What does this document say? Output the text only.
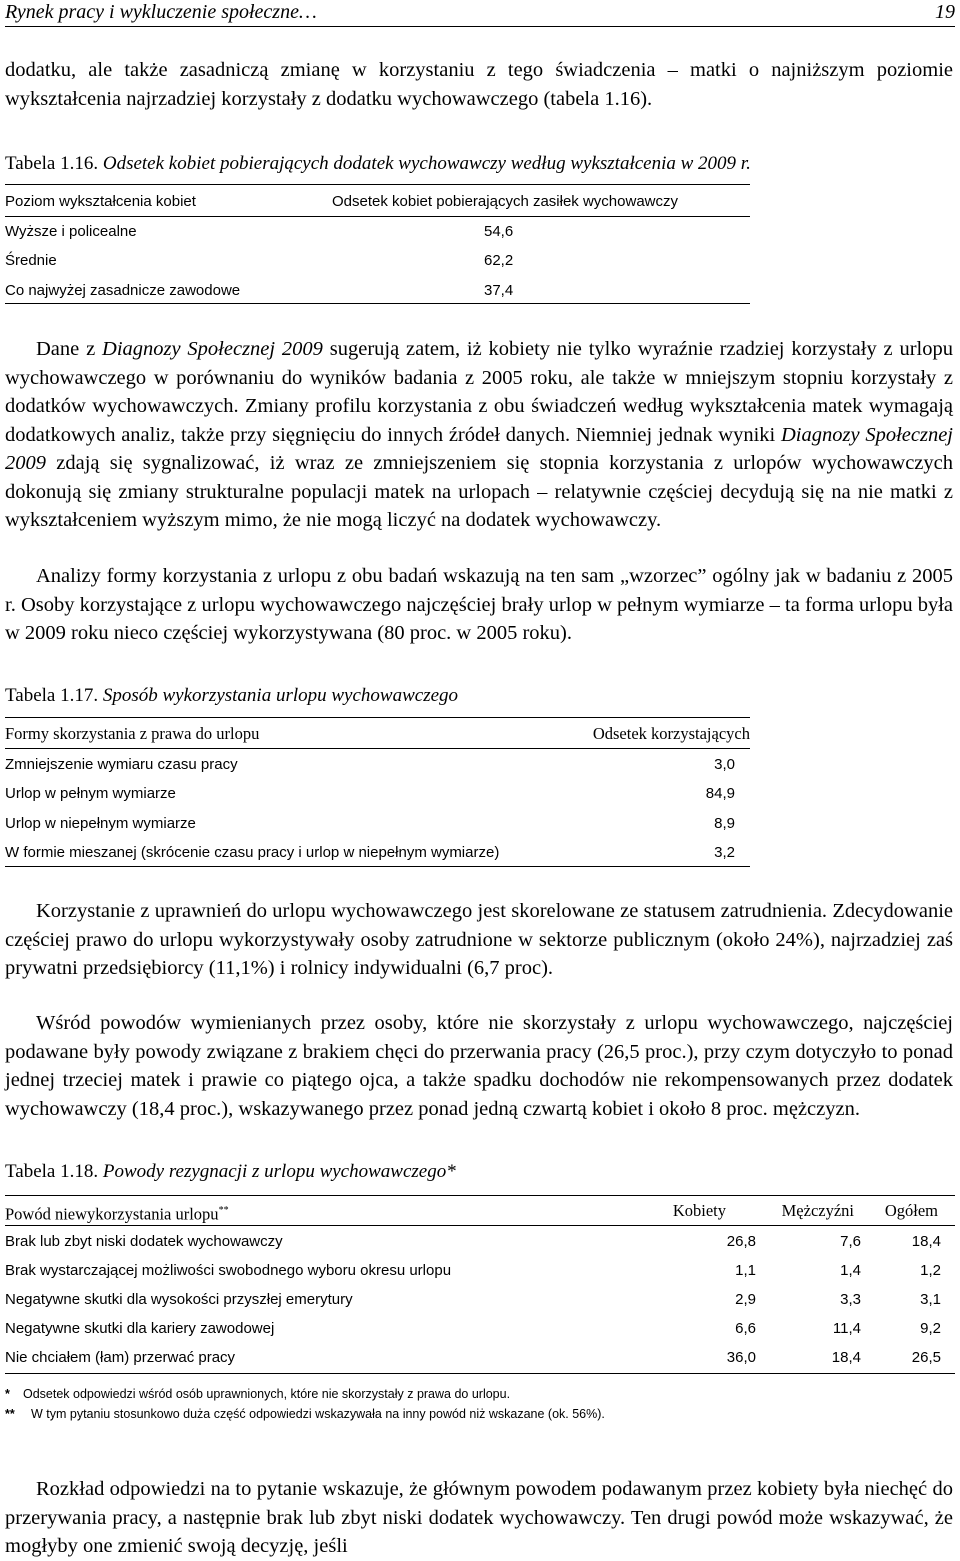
Rynek pracy i wykluczenie społeczne…	19
dodatku, ale także zasadniczą zmianę w korzystaniu z tego świadczenia – matki o najniższym poziomie wykształcenia najrzadziej korzystały z dodatku wychowawczego (tabela 1.16).
Tabela 1.16. Odsetek kobiet pobierających dodatek wychowawczy według wykształcenia w 2009 r.
Poziom wykształcenia kobiet	Odsetek kobiet pobierających zasiłek wychowawczy
Wyższe i policealne	54,6
Średnie	62,2
Co najwyżej zasadnicze zawodowe	37,4
Dane z Diagnozy Społecznej 2009 sugerują zatem, iż kobiety nie tylko wyraźnie rzadziej korzystały z urlopu wychowawczego w porównaniu do wyników badania z 2005 roku, ale także w mniejszym stopniu korzystały z dodatków wychowawczych. Zmiany profilu korzystania z obu świadczeń według wykształcenia matek wymagają dodatkowych analiz, także przy sięgnięciu do innych źródeł danych. Niemniej jednak wyniki Diagnozy Społecznej 2009 zdają się sygnalizować, iż wraz ze zmniejszeniem się stopnia korzystania z urlopów wychowawczych dokonują się zmiany strukturalne populacji matek na urlopach – relatywnie częściej decydują się na nie matki z wykształceniem wyższym mimo, że nie mogą liczyć na dodatek wychowawczy.
Analizy formy korzystania z urlopu z obu badań wskazują na ten sam „wzorzec” ogólny jak w badaniu z 2005 r. Osoby korzystające z urlopu wychowawczego najczęściej brały urlop w pełnym wymiarze – ta forma urlopu była w 2009 roku nieco częściej wykorzystywana (80 proc. w 2005 roku).
Tabela 1.17. Sposób wykorzystania urlopu wychowawczego
Formy skorzystania z prawa do urlopu	Odsetek korzystających
Zmniejszenie wymiaru czasu pracy	3,0
Urlop w pełnym wymiarze	84,9
Urlop w niepełnym wymiarze	8,9
W formie mieszanej (skrócenie czasu pracy i urlop w niepełnym wymiarze)	3,2
Korzystanie z uprawnień do urlopu wychowawczego jest skorelowane ze statusem zatrudnienia. Zdecydowanie częściej prawo do urlopu wykorzystywały osoby zatrudnione w sektorze publicznym (około 24%), najrzadziej zaś prywatni przedsiębiorcy (11,1%) i rolnicy indywidualni (6,7 proc).
Wśród powodów wymienianych przez osoby, które nie skorzystały z urlopu wychowawczego, najczęściej podawane były powody związane z brakiem chęci do przerwania pracy (26,5 proc.), przy czym dotyczyło to ponad jednej trzeciej matek i prawie co piątego ojca, a także spadku dochodów nie rekompensowanych przez dodatek wychowawczy (18,4 proc.), wskazywanego przez ponad jedną czwartą kobiet i około 8 proc. mężczyzn.
Tabela 1.18. Powody rezygnacji z urlopu wychowawczego*
Powód niewykorzystania urlopu**	Kobiety	Mężczyźni	Ogółem
Brak lub zbyt niski dodatek wychowawczy	26,8	7,6	18,4
Brak wystarczającej możliwości swobodnego wyboru okresu urlopu	1,1	1,4	1,2
Negatywne skutki dla wysokości przyszłej emerytury	2,9	3,3	3,1
Negatywne skutki dla kariery zawodowej	6,6	11,4	9,2
Nie chciałem (łam) przerwać pracy	36,0	18,4	26,5
* Odsetek odpowiedzi wśród osób uprawnionych, które nie skorzystały z prawa do urlopu.
** W tym pytaniu stosunkowo duża część odpowiedzi wskazywała na inny powód niż wskazane (ok. 56%).
Rozkład odpowiedzi na to pytanie wskazuje, że głównym powodem podawanym przez kobiety była niechęć do przerywania pracy, a następnie brak lub zbyt niski dodatek wychowawczy. Ten drugi powód może wskazywać, że mogłyby one zmienić swoją decyzję, jeśli
